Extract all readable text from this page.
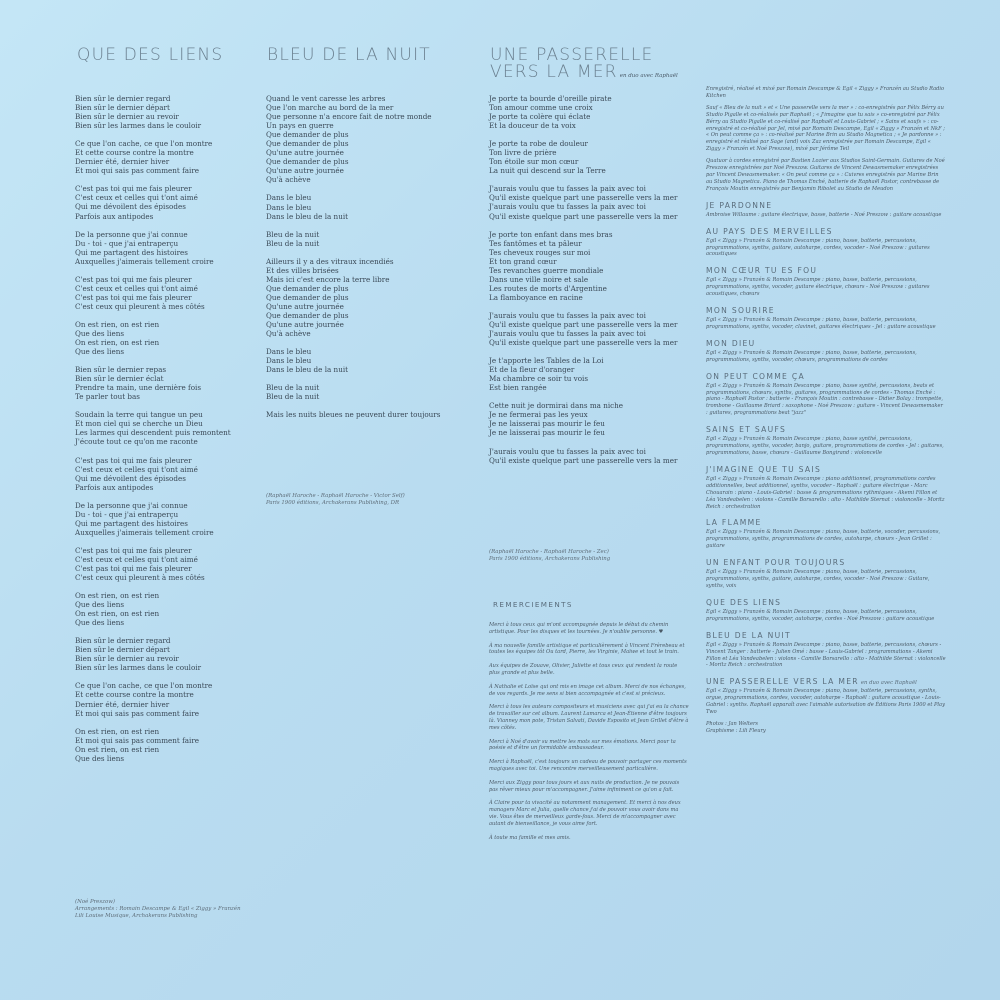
QUE DES LIENS
Bien sûr le dernier regard
Bien sûr le dernier départ
Bien sûr le dernier au revoir
Bien sûr les larmes dans le couloir
Ce que l'on cache, ce que l'on montre
Et cette course contre la montre
Dernier été, dernier hiver
Et moi qui sais pas comment faire
C'est pas toi qui me fais pleurer
C'est ceux et celles qui t'ont aimé
Qui me dévoilent des épisodes
Parfois aux antipodes
De la personne que j'ai connue
Du - toi - que j'ai entraperçu
Qui me partagent des histoires
Auxquelles j'aimerais tellement croire
C'est pas toi qui me fais pleurer
C'est ceux et celles qui t'ont aimé
C'est pas toi qui me fais pleurer
C'est ceux qui pleurent à mes côtés
On est rien, on est rien
Que des liens
On est rien, on est rien
Que des liens
Bien sûr le dernier repas
Bien sûr le dernier éclat
Prendre ta main, une dernière fois
Te parler tout bas
Soudain la terre qui tangue un peu
Et mon ciel qui se cherche un Dieu
Les larmes qui descendent puis remontent
J'écoute tout ce qu'on me raconte
C'est pas toi qui me fais pleurer
C'est ceux et celles qui t'ont aimé
Qui me dévoilent des épisodes
Parfois aux antipodes
De la personne que j'ai connue
Du - toi - que j'ai entraperçu
Qui me partagent des histoires
Auxquelles j'aimerais tellement croire
C'est pas toi qui me fais pleurer
C'est ceux et celles qui t'ont aimé
C'est pas toi qui me fais pleurer
C'est ceux qui pleurent à mes côtés
On est rien, on est rien
Que des liens
On est rien, on est rien
Que des liens
Bien sûr le dernier regard
Bien sûr le dernier départ
Bien sûr le dernier au revoir
Bien sûr les larmes dans le couloir
Ce que l'on cache, ce que l'on montre
Et cette course contre la montre
Dernier été, dernier hiver
Et moi qui sais pas comment faire
On est rien, on est rien
Et moi qui sais pas comment faire
On est rien, on est rien
Que des liens
(Noé Preszow)
Arrangements : Romain Descampe & Egil « Ziggy » Franzén
Lili Louise Musique, Archakerans Publishing
BLEU DE LA NUIT
Quand le vent caresse les arbres
Que l'on marche au bord de la mer
Que personne n'a encore fait de notre monde
Un pays en guerre
Que demander de plus
Que demander de plus
Qu'une autre journée
Que demander de plus
Qu'une autre journée
Qu'à achève
Dans le bleu
Dans le bleu
Dans le bleu de la nuit
Bleu de la nuit
Bleu de la nuit
Ailleurs il y a des vitraux incendiés
Et des villes brisées
Mais ici c'est encore la terre libre
Que demander de plus
Que demander de plus
Qu'une autre journée
Que demander de plus
Qu'une autre journée
Qu'à achève
Dans le bleu
Dans le bleu
Dans le bleu de la nuit
Bleu de la nuit
Bleu de la nuit
Mais les nuits bleues ne peuvent durer toujours
(Raphaël Haroche - Raphaël Haroche - Victor Self)
Paris 1900 éditions, Archakerans Publishing, DR
UNE PASSERELLE
VERS LA MER en duo avec Raphaël
Je porte ta bourde d'oreille pirate
Ton amour comme une croix
Je porte ta colère qui éclate
Et la douceur de ta voix
Je porte ta robe de douleur
Ton livre de prière
Ton étoile sur mon cœur
La nuit qui descend sur la Terre
J'aurais voulu que tu fasses la paix avec toi
Qu'il existe quelque part une passerelle vers la mer
J'aurais voulu que tu fasses la paix avec toi
Qu'il existe quelque part une passerelle vers la mer
Je porte ton enfant dans mes bras
Tes fantômes et ta pâleur
Tes cheveux rouges sur moi
Et ton grand cœur
Tes revanches guerre mondiale
Dans une ville noire et sale
Les routes de morts d'Argentine
La flamboyance en racine
J'aurais voulu que tu fasses la paix avec toi
Qu'il existe quelque part une passerelle vers la mer
J'aurais voulu que tu fasses la paix avec toi
Qu'il existe quelque part une passerelle vers la mer
Je t'apporte les Tables de la Loi
Et de la fleur d'oranger
Ma chambre ce soir tu vois
Est bien rangée
Cette nuit je dormirai dans ma niche
Je ne fermerai pas les yeux
Je ne laisserai pas mourir le feu
Je ne laisserai pas mourir le feu
J'aurais voulu que tu fasses la paix avec toi
Qu'il existe quelque part une passerelle vers la mer
(Raphaël Haroche - Raphaël Haroche - Zec)
Paris 1900 éditions, Archakerans Publishing
REMERCIEMENTS

Merci à tous ceux qui m'ont accompagnée depuis le début du chemin artistique. Pour les disques et les tournées. Je n'oublie personne. ♥

À ma nouvelle famille artistique et particulièrement à Vincent Frèrebeau et toutes les équipes tôt Ou tard, Pierre, les Virginie, Maïwe et tout le train.

Aux équipes de Zouave, Olivier, Juliette et tous ceux qui rendent la route plus grande et plus belle.

À Nathalie et Loïse qui ont mis en image cet album. Merci de nos échanges, de vos regards. Je me sens si bien accompagnée et c'est si précieux.

Merci à tous les auteurs compositeurs et musiciens avec qui j'ai eu la chance de travailler sur cet album. Laurent Lamarca et Jean-Étienne d'être toujours là. Vianney mon pote, Tristan Salvati, Davide Esposito et Jean Grillet d'être à mes côtés.

Merci à Noé d'avoir su mettre les mots sur mes émotions. Merci pour ta poésie et d'être un formidable ambassadeur.

Merci à Raphaël, c'est toujours un cadeau de pouvoir partager ces moments magiques avec toi. Une rencontre merveilleusement particulière.

Merci aux Ziggy pour tous jours et aux nuits de production. Je ne pouvais pas rêver mieux pour m'accompagner. J'aime infiniment ce qu'on a fait.

À Claire pour ta vivacité au notamment management. Et merci à nos deux managers Marc et Julia, quelle chance j'ai de pouvoir vous avoir dans ma vie. Vous êtes de merveilleux garde-fous. Merci de m'accompagner avec autant de bienveillance, je vous aime fort.

À toute ma famille et mes amis.

Enregistré, réalisé et mixé par Romain Descampe & Egil « Ziggy » Franzén au Studio Radio Kitchen
Sauf « Bleu de la nuit » et « Une passerelle vers la mer » : co-enregistrés par Félix Bérry au Studio Pigalle et co-réalisés par Raphaël ; « J'imagine que tu sais » co-enregistré par Félix Bérry au Studio Pigalle et co-réalisé par Raphaël et Louis-Gabriel ; « Sains et saufs » : co-enregistré et co-réalisé par Jel, mixé par Romain Descampe, Egil « Ziggy » Franzén et NkF ; « On peut comme ça » : co-réalisé par Marine Brin au Studio Magnetica ; « Je pardonne » : enregistré et réalisé par Sage (and) voix Zaz enregistrée par Romain Descampe, Egil « Ziggy » Franzén et Noé Preszow), mixé par Jérôme Teil
Quatuor à cordes enregistré par Bastien Lozier aux Studios Saint-Germain. Guitares de Noé Preszow enregistrées par Noé Preszow. Guitares de Vincent Dewasmemaker enregistrées par Vincent Dewasmemaker. « On peut comme ça » : Cuivres enregistrés par Marine Brin au Studio Magnetica. Piano de Thomas Enché, batterie de Raphaël Pastor, contrebasse de François Moutin enregistrés par Benjamin Ribolet au Studio de Meudon
JE PARDONNE
Ambroise Willaume : guitare électrique, basse, batterie - Noé Preszow : guitare acoustique
AU PAYS DES MERVEILLES
Egil « Ziggy » Franzén & Romain Descampe : piano, basse, batterie, percussions, programmations, synths, guitare, autoharpe, cordes, vocoder - Noé Preszow : guitares acoustiques
MON CŒUR TU ES FOU
Egil « Ziggy » Franzén & Romain Descampe : piano, basse, batterie, percussions, programmations, synths, vocoder, guitare électrique, chœurs - Noé Preszow : guitares acoustiques, chœurs
MON SOURIRE
Egil « Ziggy » Franzén & Romain Descampe : piano, basse, batterie, percussions, programmations, synths, vocoder, clavinet, guitares électriques - Jel : guitare acoustique
MON DIEU
Egil « Ziggy » Franzén & Romain Descampe : piano, basse, batterie, percussions, programmations, synths, vocoder, chœurs, programmations de cordes
ON PEUT COMME ÇA
Egil « Ziggy » Franzén & Romain Descampe : piano, basse synthé, percussions, beats et programmations, chœurs, synths, guitares, programmations de cordes - Thomas Enché : piano - Raphaël Pastor : batterie - François Moutin : contrebasse - Didier Bolay : trompette, trombone - Guillaume Briard : saxophone - Noé Preszow : guitare - Vincent Dewasmemaker : guitares, programmations beat "jazz"
SAINS ET SAUFS
Egil « Ziggy » Franzén & Romain Descampe : piano, basse synthé, percussions, programmations, synths, vocoder, banjo, guitare, programmations de cordes - Jel : guitares, programmations, basse, chœurs - Guillaume Bongirand : violoncelle
J'IMAGINE QUE TU SAIS
Egil « Ziggy » Franzén & Romain Descampe : piano additionnel, programmations cordes additionnelles, beat additionnel, synths, vocoder - Raphaël : guitare électrique - Marc Chouarain : piano - Louis-Gabriel : basse & programmations rythmiques - Akemi Fillon et Léa Vandeabelen : violons - Camille Borsarello : alto - Mathilde Sternat : violoncelle - Moritz Reich : orchestration
LA FLAMME
Egil « Ziggy » Franzén & Romain Descampe : piano, basse, batterie, vocoder, percussions, programmations, synths, programmations de cordes, autoharpe, chœurs - Jean Grillet : guitare
UN ENFANT POUR TOUJOURS
Egil « Ziggy » Franzén & Romain Descampe : piano, basse, batterie, percussions, programmations, synths, guitare, autoharpe, cordes, vocoder - Noé Preszow : Guitare, synths, voix
QUE DES LIENS
Egil « Ziggy » Franzén & Romain Descampe : piano, basse, batterie, percussions, programmations, synths, vocoder, autoharpe, cordes - Noé Preszow : guitare acoustique
BLEU DE LA NUIT
Egil « Ziggy » Franzén & Romain Descampe : piano, basse, batterie, percussions, chœurs - Vincent Tanger : batterie - Julien Omé : basse - Louis-Gabriel : programmations - Akemi Fillon et Léa Vandeabelen : violons - Camille Borsarello : alto - Mathilde Sternat : violoncelle - Moritz Reich : orchestration
UNE PASSERELLE VERS LA MER en duo avec Raphaël
Egil « Ziggy » Franzén & Romain Descampe : piano, basse, batterie, percussions, synths, orgue, programmations, cordes, vocoder, autoharpe - Raphaël : guitare acoustique - Louis-Gabriel : synths. Raphaël apparaît avec l'aimable autorisation de Éditions Paris 1900 et Play Two
Photos : Jan Welters
Graphisme : Lili Fleury
